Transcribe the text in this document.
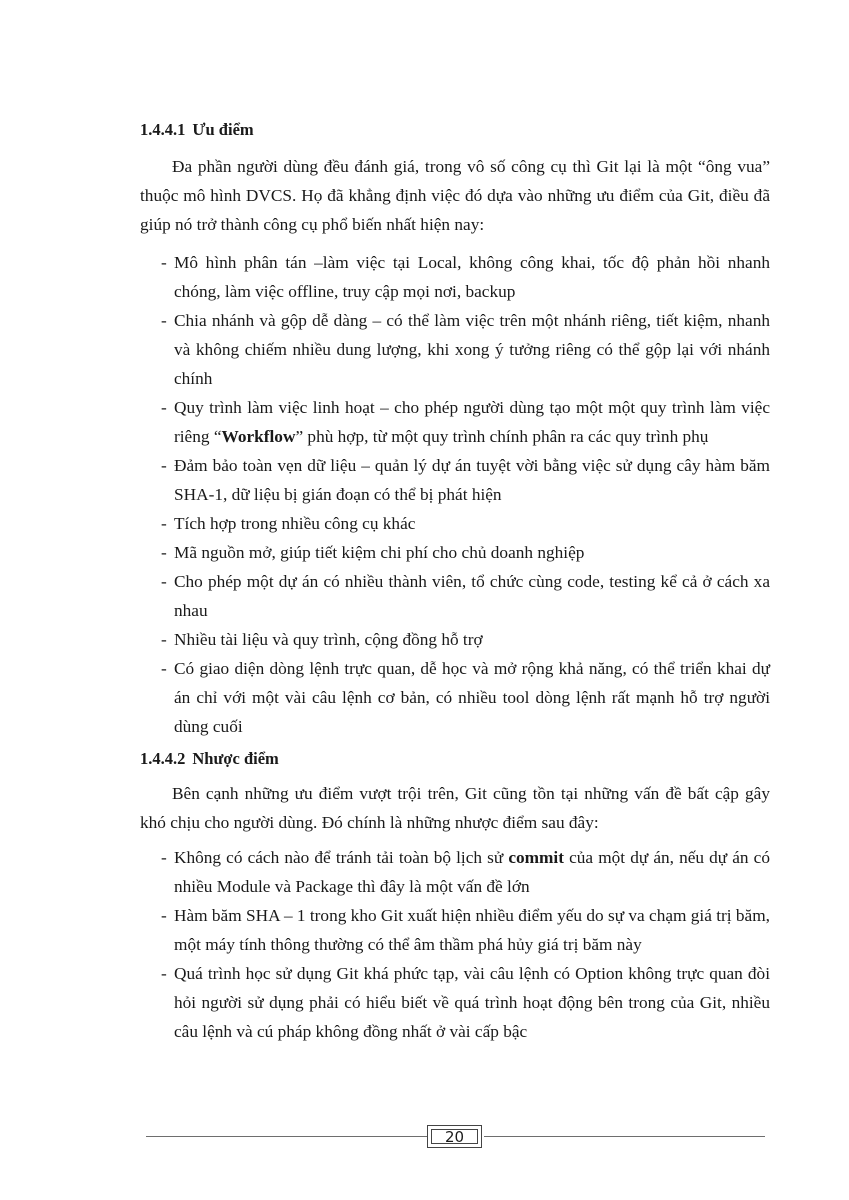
1.4.4.1 Ưu điểm

Đa phần người dùng đều đánh giá, trong vô số công cụ thì Git lại là một “ông vua” thuộc mô hình DVCS. Họ đã khẳng định việc đó dựa vào những ưu điểm của Git, điều đã giúp nó trở thành công cụ phổ biến nhất hiện nay:

- Mô hình phân tán –làm việc tại Local, không công khai, tốc độ phản hồi nhanh chóng, làm việc offline, truy cập mọi nơi, backup
- Chia nhánh và gộp dễ dàng – có thể làm việc trên một nhánh riêng, tiết kiệm, nhanh và không chiếm nhiều dung lượng, khi xong ý tưởng riêng có thể gộp lại với nhánh chính
- Quy trình làm việc linh hoạt – cho phép người dùng tạo một một quy trình làm việc riêng “Workflow” phù hợp, từ một quy trình chính phân ra các quy trình phụ
- Đảm bảo toàn vẹn dữ liệu – quản lý dự án tuyệt vời bằng việc sử dụng cây hàm băm SHA-1, dữ liệu bị gián đoạn có thể bị phát hiện
- Tích hợp trong nhiều công cụ khác
- Mã nguồn mở, giúp tiết kiệm chi phí cho chủ doanh nghiệp
- Cho phép một dự án có nhiều thành viên, tổ chức cùng code, testing kể cả ở cách xa nhau
- Nhiều tài liệu và quy trình, cộng đồng hỗ trợ
- Có giao diện dòng lệnh trực quan, dễ học và mở rộng khả năng, có thể triển khai dự án chỉ với một vài câu lệnh cơ bản, có nhiều tool dòng lệnh rất mạnh hỗ trợ người dùng cuối
1.4.4.2 Nhược điểm

Bên cạnh những ưu điểm vượt trội trên, Git cũng tồn tại những vấn đề bất cập gây khó chịu cho người dùng. Đó chính là những nhược điểm sau đây:

- Không có cách nào để tránh tải toàn bộ lịch sử commit của một dự án, nếu dự án có nhiều Module và Package thì đây là một vấn đề lớn
- Hàm băm SHA – 1 trong kho Git xuất hiện nhiều điểm yếu do sự va chạm giá trị băm, một máy tính thông thường có thể âm thầm phá hủy giá trị băm này
- Quá trình học sử dụng Git khá phức tạp, vài câu lệnh có Option không trực quan đòi hỏi người sử dụng phải có hiểu biết về quá trình hoạt động bên trong của Git, nhiều câu lệnh và cú pháp không đồng nhất ở vài cấp bậc
20
